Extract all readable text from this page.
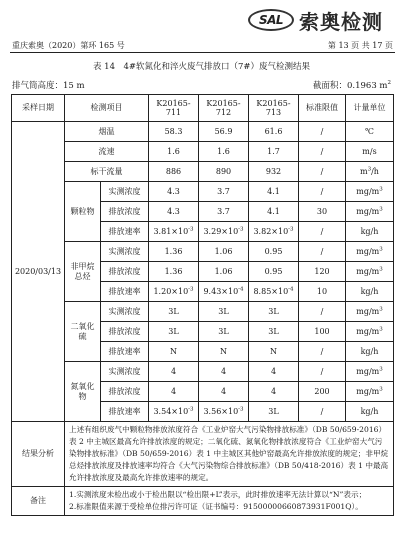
SAL 索奥检测
重庆索奥（2020）第环 165 号	第 13 页 共 17 页
表 14　4#软氮化和淬火废气排放口（7#）废气检测结果
排气筒高度：15 m	截面积：0.1963 $m^2$
采样日期	检测项目		K20165-711	K20165-712	K20165-713	标准限值	计量单位
2020/03/13	烟温		58.3	56.9	61.6	/	℃
	流速		1.6	1.6	1.7	/	m/s
	标干流量		886	890	932	/	$m^3/h$
	颗粒物	实测浓度	4.3	3.7	4.1	/	$mg/m^3$
		排放浓度	4.3	3.7	4.1	30	$mg/m^3$
		排放速率	$3.81\times 10^{-3}$	$3.29\times 10^{-3}$	$3.82\times 10^{-3}$	/	kg/h
	非甲烷总烃	实测浓度	1.36	1.06	0.95	/	$mg/m^3$
		排放浓度	1.36	1.06	0.95	120	$mg/m^3$
		排放速率	$1.20\times 10^{-3}$	$9.43\times 10^{-4}$	$8.85\times 10^{-4}$	10	kg/h
	二氧化硫	实测浓度	3L	3L	3L	/	$mg/m^3$
		排放浓度	3L	3L	3L	100	$mg/m^3$
		排放速率	N	N	N	/	kg/h
	氮氧化物	实测浓度	4	4	4	/	$mg/m^3$
		排放浓度	4	4	4	200	$mg/m^3$
		排放速率	$3.54\times 10^{-3}$	$3.56\times 10^{-3}$	3L	/	kg/h
结果分析	上述有组织废气中颗粒物排放浓度符合《工业炉窑大气污染物排放标准》（DB 50/659-2016）表 2 中主城区最高允许排放浓度的规定；二氧化硫、氮氧化物排放浓度符合《工业炉窑大气污染物排放标准》（DB 50/659-2016）表 1 中主城区其他炉窑最高允许排放浓度的规定；非甲烷总烃排放浓度及排放速率均符合《大气污染物综合排放标准》（DB 50/418-2016）表 1 中最高允许排放浓度及最高允许排放速率的规定。						
备注	1.实测浓度未检出或小于检出限以“检出限+L”表示，此时排放速率无法计算以“N”表示；
2.标准限值来源于受检单位排污许可证（证书编号：91500000660873931F001Q）。						
